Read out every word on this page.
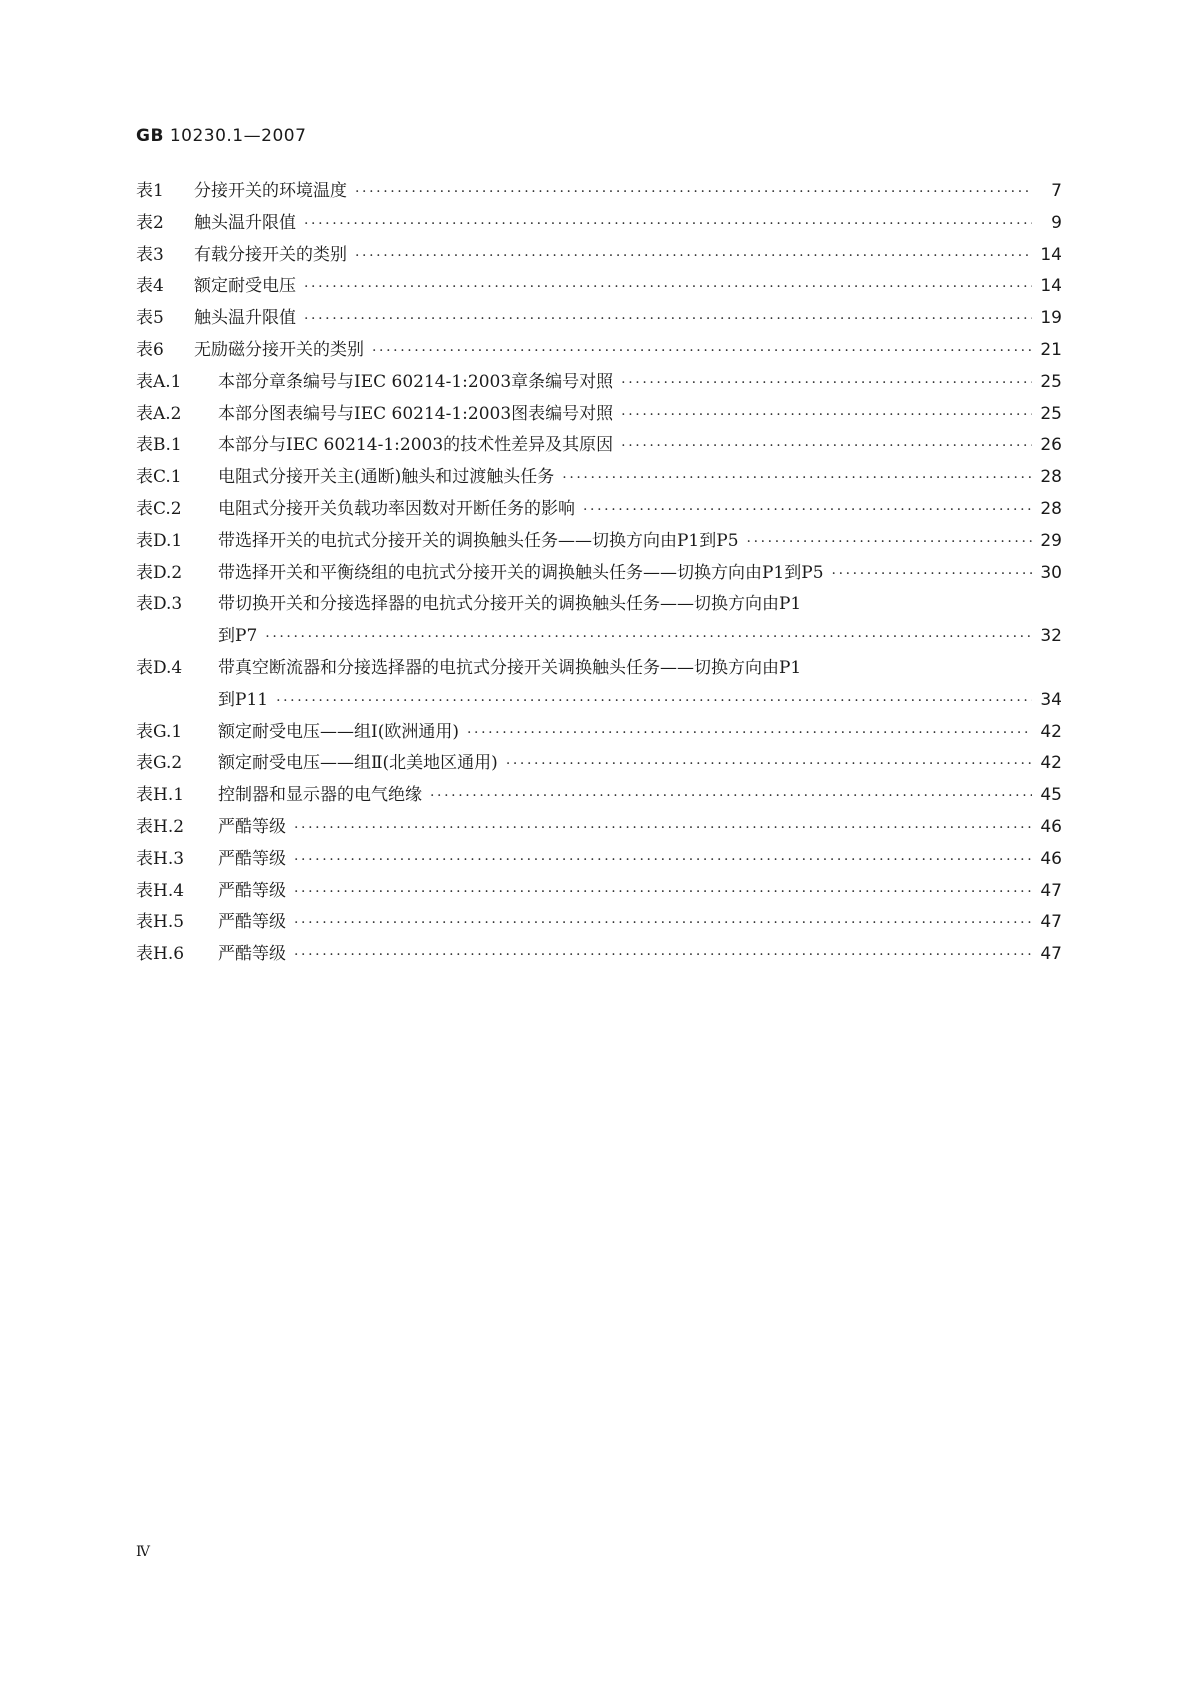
GB 10230.1—2007
表1	分接开关的环境温度 ·····	7
表2	触头温升限值 ·····	9
表3	有载分接开关的类别 ·····	14
表4	额定耐受电压 ·····	14
表5	触头温升限值 ·····	19
表6	无励磁分接开关的类别 ·····	21
表A.1	本部分章条编号与IEC 60214-1:2003章条编号对照 ·····	25
表A.2	本部分图表编号与IEC 60214-1:2003图表编号对照 ·····	25
表B.1	本部分与IEC 60214-1:2003的技术性差异及其原因 ·····	26
表C.1	电阻式分接开关主(通断)触头和过渡触头任务 ·····	28
表C.2	电阻式分接开关负载功率因数对开断任务的影响 ·····	28
表D.1	带选择开关的电抗式分接开关的调换触头任务——切换方向由P1到P5 ·····	29
表D.2	带选择开关和平衡绕组的电抗式分接开关的调换触头任务——切换方向由P1到P5 ·····	30
表D.3	带切换开关和分接选择器的电抗式分接开关的调换触头任务——切换方向由P1
到P7 ·····	32
表D.4	带真空断流器和分接选择器的电抗式分接开关调换触头任务——切换方向由P1
到P11 ·····	34
表G.1	额定耐受电压——组Ⅰ(欧洲通用) ·····	42
表G.2	额定耐受电压——组Ⅱ(北美地区通用) ·····	42
表H.1	控制器和显示器的电气绝缘 ·····	45
表H.2	严酷等级 ·····	46
表H.3	严酷等级 ·····	46
表H.4	严酷等级 ·····	47
表H.5	严酷等级 ·····	47
表H.6	严酷等级 ·····	47
Ⅳ
